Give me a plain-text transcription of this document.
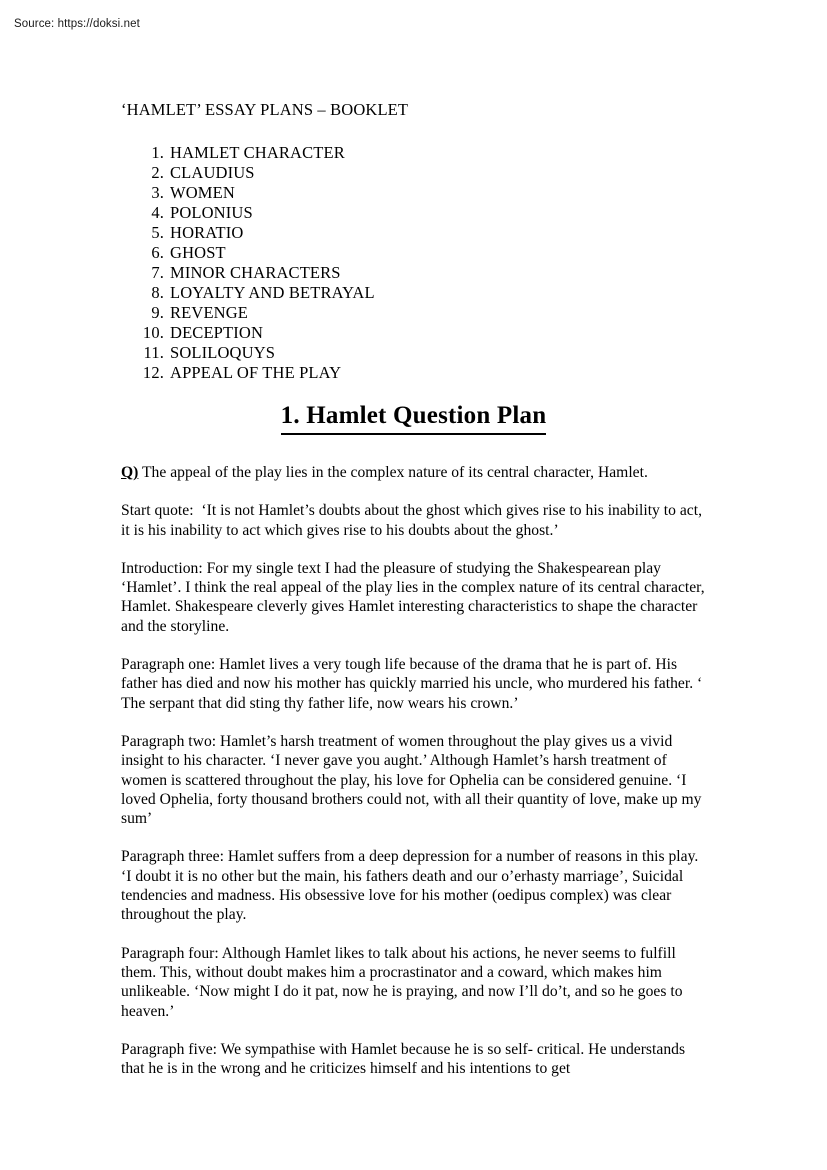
Source: https://doksi.net
‘HAMLET’ ESSAY PLANS – BOOKLET
1. HAMLET CHARACTER
2. CLAUDIUS
3. WOMEN
4. POLONIUS
5. HORATIO
6. GHOST
7. MINOR CHARACTERS
8. LOYALTY AND BETRAYAL
9. REVENGE
10. DECEPTION
11. SOLILOQUYS
12. APPEAL OF THE PLAY
1. Hamlet Question Plan

Q) The appeal of the play lies in the complex nature of its central character, Hamlet.

Start quote:  ‘It is not Hamlet’s doubts about the ghost which gives rise to his inability to act, it is his inability to act which gives rise to his doubts about the ghost.’

Introduction: For my single text I had the pleasure of studying the Shakespearean play ‘Hamlet’. I think the real appeal of the play lies in the complex nature of its central character, Hamlet. Shakespeare cleverly gives Hamlet interesting characteristics to shape the character and the storyline.

Paragraph one: Hamlet lives a very tough life because of the drama that he is part of. His father has died and now his mother has quickly married his uncle, who murdered his father. ‘ The serpant that did sting thy father life, now wears his crown.’

Paragraph two: Hamlet’s harsh treatment of women throughout the play gives us a vivid insight to his character. ‘I never gave you aught.’ Although Hamlet’s harsh treatment of women is scattered throughout the play, his love for Ophelia can be considered genuine. ‘I loved Ophelia, forty thousand brothers could not, with all their quantity of love, make up my sum’

Paragraph three: Hamlet suffers from a deep depression for a number of reasons in this play. ‘I doubt it is no other but the main, his fathers death and our o’erhasty marriage’, Suicidal tendencies and madness. His obsessive love for his mother (oedipus complex) was clear throughout the play.

Paragraph four: Although Hamlet likes to talk about his actions, he never seems to fulfill them. This, without doubt makes him a procrastinator and a coward, which makes him unlikeable. ‘Now might I do it pat, now he is praying, and now I’ll do’t, and so he goes to heaven.’

Paragraph five: We sympathise with Hamlet because he is so self- critical. He understands that he is in the wrong and he criticizes himself and his intentions to get
